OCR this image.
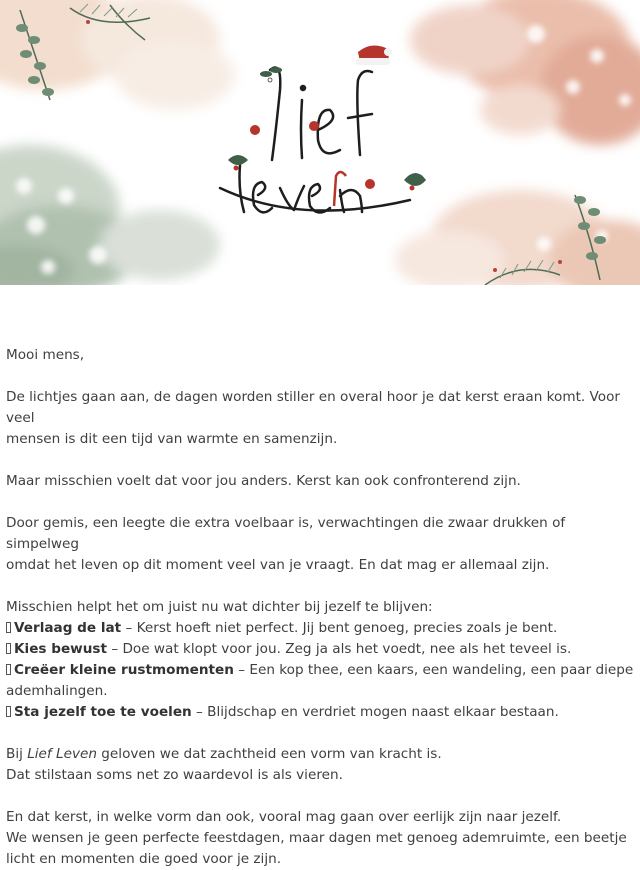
Mooi mens,

De lichtjes gaan aan, de dagen worden stiller en overal hoor je dat kerst eraan komt. Voor veel
mensen is dit een tijd van warmte en samenzijn.

Maar misschien voelt dat voor jou anders. Kerst kan ook confronterend zijn.

Door gemis, een leegte die extra voelbaar is, verwachtingen die zwaar drukken of simpelweg
omdat het leven op dit moment veel van je vraagt. En dat mag er allemaal zijn.

Misschien helpt het om juist nu wat dichter bij jezelf te blijven:

Verlaag de lat – Kerst hoeft niet perfect. Jij bent genoeg, precies zoals je bent.

Kies bewust – Doe wat klopt voor jou. Zeg ja als het voedt, nee als het teveel is.

Creëer kleine rustmomenten – Een kop thee, een kaars, een wandeling, een paar diepe

ademhalingen.

Sta jezelf toe te voelen – Blijdschap en verdriet mogen naast elkaar bestaan.

Bij Lief Leven geloven we dat zachtheid een vorm van kracht is.
Dat stilstaan soms net zo waardevol is als vieren.

En dat kerst, in welke vorm dan ook, vooral mag gaan over eerlijk zijn naar jezelf.
We wensen je geen perfecte feestdagen, maar dagen met genoeg ademruimte, een beetje
licht en momenten die goed voor je zijn.
